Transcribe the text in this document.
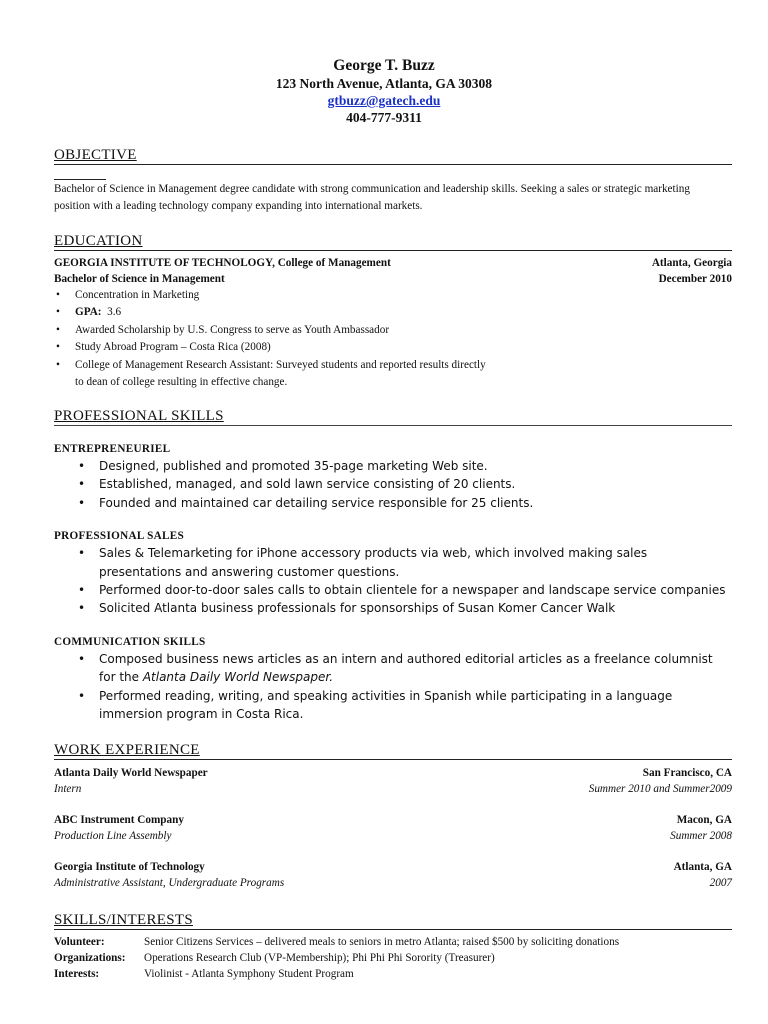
George T. Buzz
123 North Avenue, Atlanta, GA 30308
gtbuzz@gatech.edu
404-777-9311
OBJECTIVE
Bachelor of Science in Management degree candidate with strong communication and leadership skills. Seeking a sales or strategic marketing position with a leading technology company expanding into international markets.
EDUCATION
GEORGIA INSTITUTE OF TECHNOLOGY, College of Management	Atlanta, Georgia
Bachelor of Science in Management	December 2010
• Concentration in Marketing
• GPA: 3.6
• Awarded Scholarship by U.S. Congress to serve as Youth Ambassador
• Study Abroad Program – Costa Rica (2008)
• College of Management Research Assistant: Surveyed students and reported results directly
to dean of college resulting in effective change.
PROFESSIONAL SKILLS
ENTREPRENEURIEL
• Designed, published and promoted 35-page marketing Web site.
• Established, managed, and sold lawn service consisting of 20 clients.
• Founded and maintained car detailing service responsible for 25 clients.
PROFESSIONAL SALES
• Sales & Telemarketing for iPhone accessory products via web, which involved making sales
presentations and answering customer questions.
• Performed door-to-door sales calls to obtain clientele for a newspaper and landscape service companies
• Solicited Atlanta business professionals for sponsorships of Susan Komer Cancer Walk
COMMUNICATION SKILLS
• Composed business news articles as an intern and authored editorial articles as a freelance columnist
for the Atlanta Daily World Newspaper.
• Performed reading, writing, and speaking activities in Spanish while participating in a language
immersion program in Costa Rica.
WORK EXPERIENCE
Atlanta Daily World Newspaper	San Francisco, CA
Intern	Summer 2010 and Summer2009
ABC Instrument Company	Macon, GA
Production Line Assembly	Summer 2008
Georgia Institute of Technology	Atlanta, GA
Administrative Assistant, Undergraduate Programs	2007
SKILLS/INTERESTS
Volunteer:	Senior Citizens Services – delivered meals to seniors in metro Atlanta; raised $500 by soliciting donations
Organizations:	Operations Research Club (VP-Membership); Phi Phi Phi Sorority (Treasurer)
Interests:	Violinist - Atlanta Symphony Student Program
